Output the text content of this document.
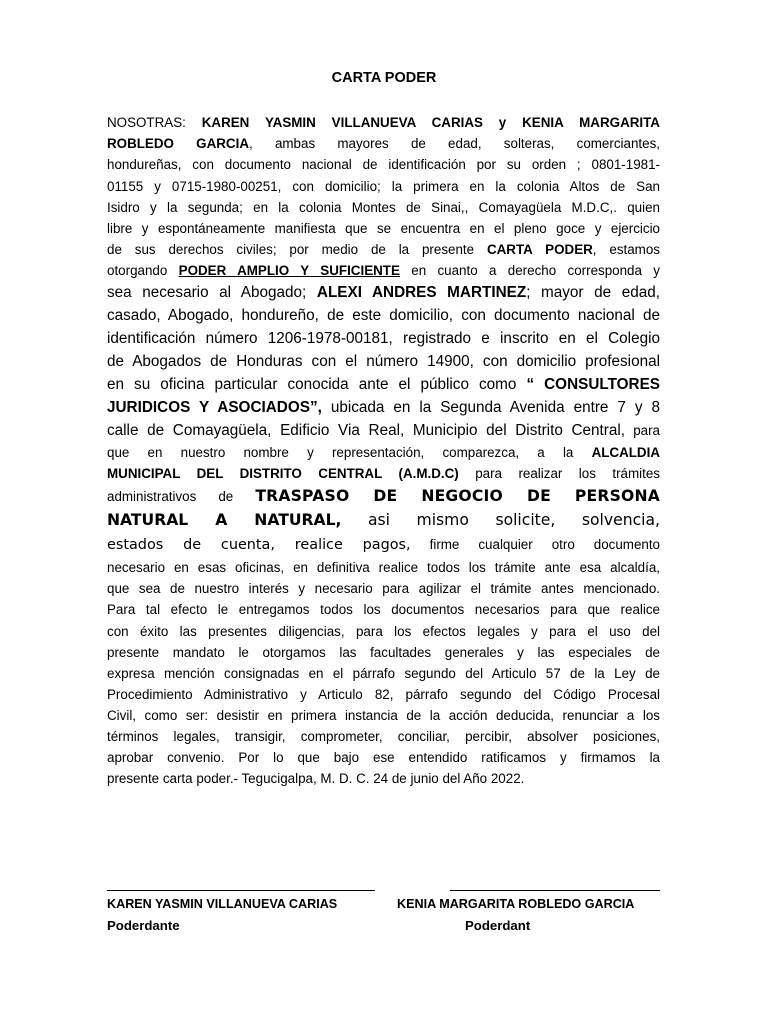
CARTA PODER
NOSOTRAS: KAREN YASMIN VILLANUEVA CARIAS y KENIA MARGARITA
ROBLEDO GARCIA, ambas mayores de edad, solteras, comerciantes,
hondureñas, con documento nacional de identificación por su orden ; 0801-1981-
01155 y 0715-1980-00251, con domicilio; la primera en la colonia Altos de San
Isidro y la segunda; en la colonia Montes de Sinai,, Comayagüela M.D.C,. quien
libre y espontáneamente manifiesta que se encuentra en el pleno goce y ejercicio
de sus derechos civiles; por medio de la presente CARTA PODER, estamos
otorgando PODER AMPLIO Y SUFICIENTE en cuanto a derecho corresponda y
sea necesario al Abogado; ALEXI ANDRES MARTINEZ; mayor de edad,
casado, Abogado, hondureño, de este domicilio, con documento nacional de
identificación número 1206-1978-00181, registrado e inscrito en el Colegio
de Abogados de Honduras con el número 14900, con domicilio profesional
en su oficina particular conocida ante el público como “ CONSULTORES
JURIDICOS Y ASOCIADOS”, ubicada en la Segunda Avenida entre 7 y 8
calle de Comayagüela, Edificio Via Real, Municipio del Distrito Central, para
que en nuestro nombre y representación, comparezca, a la ALCALDIA
MUNICIPAL DEL DISTRITO CENTRAL (A.M.D.C) para realizar los trámites
administrativos de TRASPASO DE NEGOCIO DE PERSONA
NATURAL A NATURAL, asi mismo solicite, solvencia,
estados de cuenta, realice pagos, firme cualquier otro documento
necesario en esas oficinas, en definitiva realice todos los trámite ante esa alcaldía,
que sea de nuestro interés y necesario para agilizar el trámite antes mencionado.
Para tal efecto le entregamos todos los documentos necesarios para que realice
con éxito las presentes diligencias, para los efectos legales y para el uso del
presente mandato le otorgamos las facultades generales y las especiales de
expresa mención consignadas en el párrafo segundo del Articulo 57 de la Ley de
Procedimiento Administrativo y Articulo 82, párrafo segundo del Código Procesal
Civil, como ser: desistir en primera instancia de la acción deducida, renunciar a los
términos legales, transigir, comprometer, conciliar, percibir, absolver posiciones,
aprobar convenio. Por lo que bajo ese entendido ratificamos y firmamos la
presente carta poder.- Tegucigalpa, M. D. C. 24 de junio del Año 2022.
KAREN YASMIN VILLANUEVA CARIAS	KENIA MARGARITA ROBLEDO GARCIA
Poderdante	Poderdant
